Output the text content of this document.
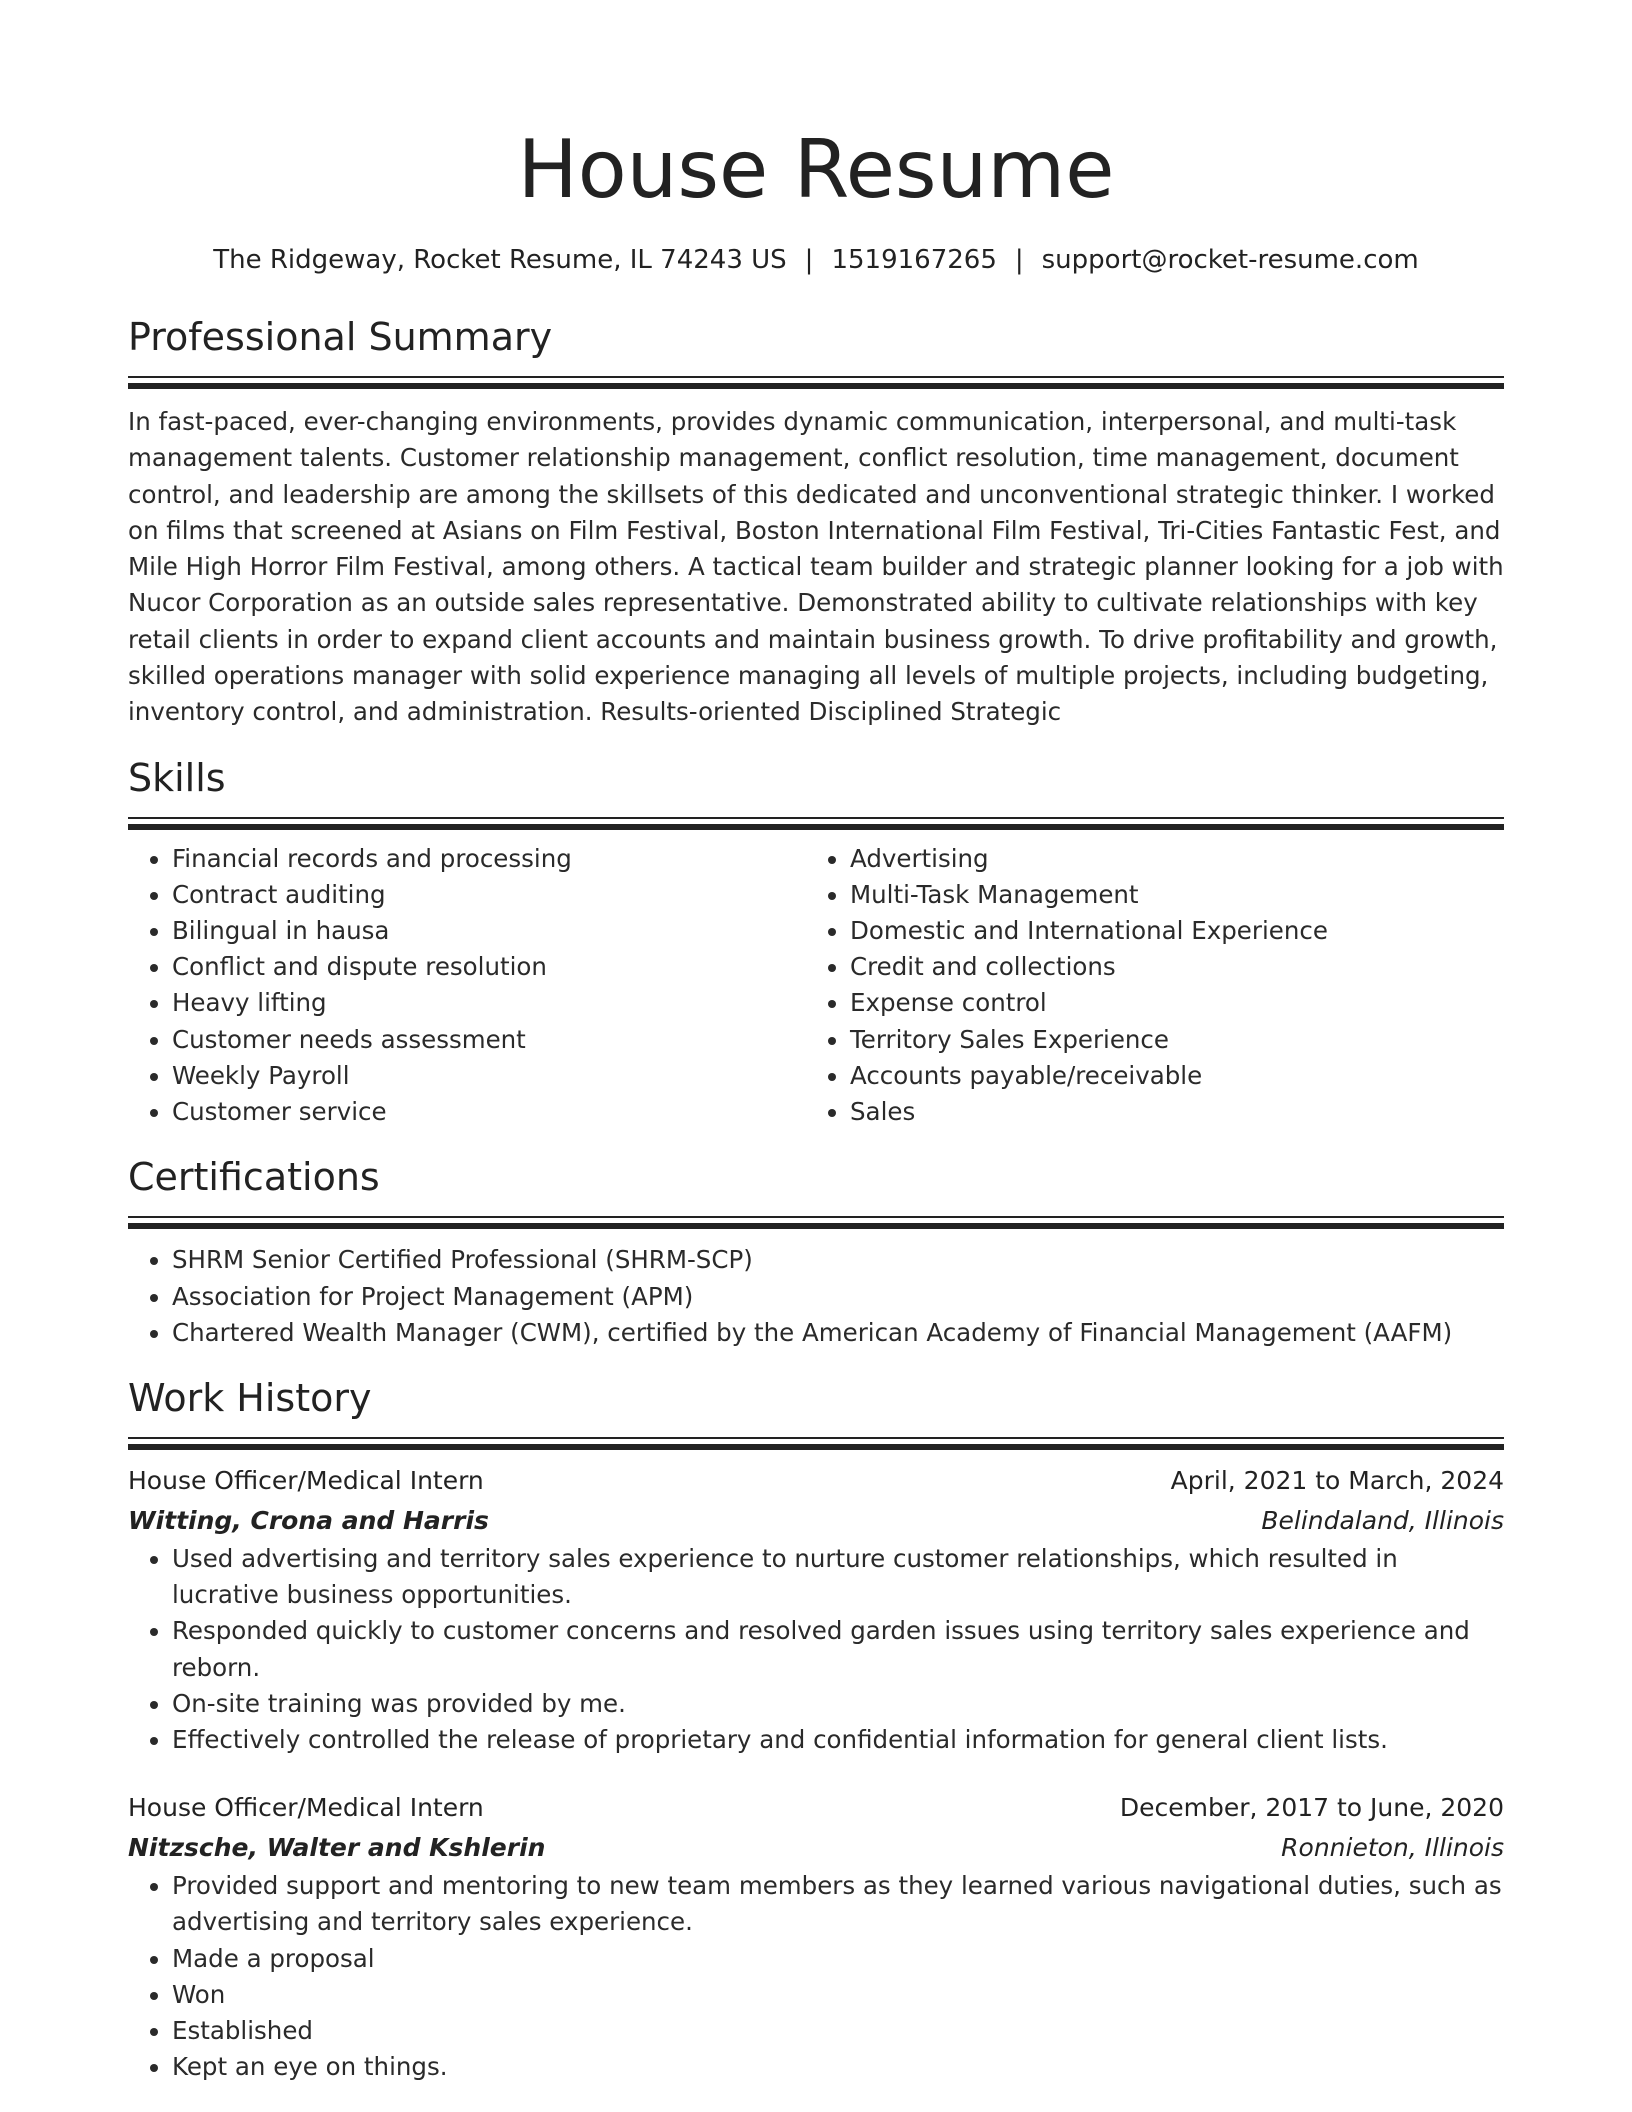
House Resume
The Ridgeway, Rocket Resume, IL 74243 US | 1519167265 | support@rocket-resume.com
Professional Summary
In fast-paced, ever-changing environments, provides dynamic communication, interpersonal, and multi-task management talents. Customer relationship management, conflict resolution, time management, document control, and leadership are among the skillsets of this dedicated and unconventional strategic thinker. I worked on films that screened at Asians on Film Festival, Boston International Film Festival, Tri-Cities Fantastic Fest, and Mile High Horror Film Festival, among others. A tactical team builder and strategic planner looking for a job with Nucor Corporation as an outside sales representative. Demonstrated ability to cultivate relationships with key retail clients in order to expand client accounts and maintain business growth. To drive profitability and growth, skilled operations manager with solid experience managing all levels of multiple projects, including budgeting, inventory control, and administration. Results-oriented Disciplined Strategic
Skills
• Financial records and processing
• Contract auditing
• Bilingual in hausa
• Conflict and dispute resolution
• Heavy lifting
• Customer needs assessment
• Weekly Payroll
• Customer service
• Advertising
• Multi-Task Management
• Domestic and International Experience
• Credit and collections
• Expense control
• Territory Sales Experience
• Accounts payable/receivable
• Sales
Certifications
• SHRM Senior Certified Professional (SHRM-SCP)
• Association for Project Management (APM)
• Chartered Wealth Manager (CWM), certified by the American Academy of Financial Management (AAFM)
Work History
House Officer/Medical Intern	April, 2021 to March, 2024
Witting, Crona and Harris	Belindaland, Illinois
• Used advertising and territory sales experience to nurture customer relationships, which resulted in lucrative business opportunities.
• Responded quickly to customer concerns and resolved garden issues using territory sales experience and reborn.
• On-site training was provided by me.
• Effectively controlled the release of proprietary and confidential information for general client lists.
House Officer/Medical Intern	December, 2017 to June, 2020
Nitzsche, Walter and Kshlerin	Ronnieton, Illinois
• Provided support and mentoring to new team members as they learned various navigational duties, such as advertising and territory sales experience.
• Made a proposal
• Won
• Established
• Kept an eye on things.
